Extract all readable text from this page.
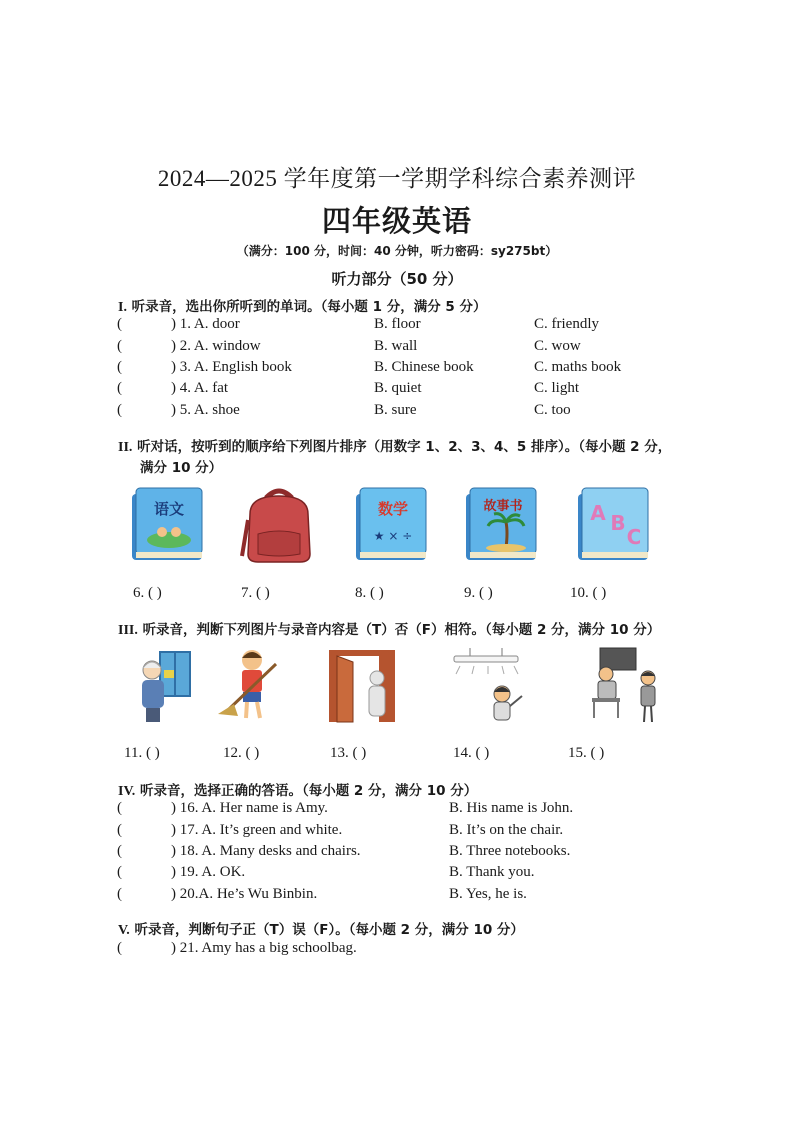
2024—2025 学年度第一学期学科综合素养测评
四年级英语
（满分：100 分，时间：40 分钟，听力密码：sy275bt）
听力部分（50 分）
I. 听录音，选出你所听到的单词。（每小题 1 分，满分 5 分）
(	) 1. A. door	B. floor	C. friendly
(	) 2. A. window	B. wall	C. wow
(	) 3. A. English book	B. Chinese book	C. maths book
(	) 4. A. fat	B. quiet	C. light
(	) 5. A. shoe	B. sure	C. too
II. 听对话，按听到的顺序给下列图片排序（用数字 1、2、3、4、5 排序）。（每小题 2 分，
满分 10 分）
语文	数学
★ × ÷
故事书	A B
C
6. ( )	7. ( )	8. ( )	9. ( )	10. ( )
III. 听录音，判断下列图片与录音内容是（T）否（F）相符。（每小题 2 分，满分 10 分）
11. ( )	12. ( )	13. ( )	14. ( )	15. ( )
IV. 听录音，选择正确的答语。（每小题 2 分，满分 10 分）
(	) 16. A. Her name is Amy.	B. His name is John.
(	) 17. A. It’s green and white.	B. It’s on the chair.
(	) 18. A. Many desks and chairs.	B. Three notebooks.
(	) 19. A. OK.	B. Thank you.
(	) 20.A. He’s Wu Binbin.	B. Yes, he is.
V. 听录音，判断句子正（T）误（F）。（每小题 2 分，满分 10 分）
(	) 21. Amy has a big schoolbag.
